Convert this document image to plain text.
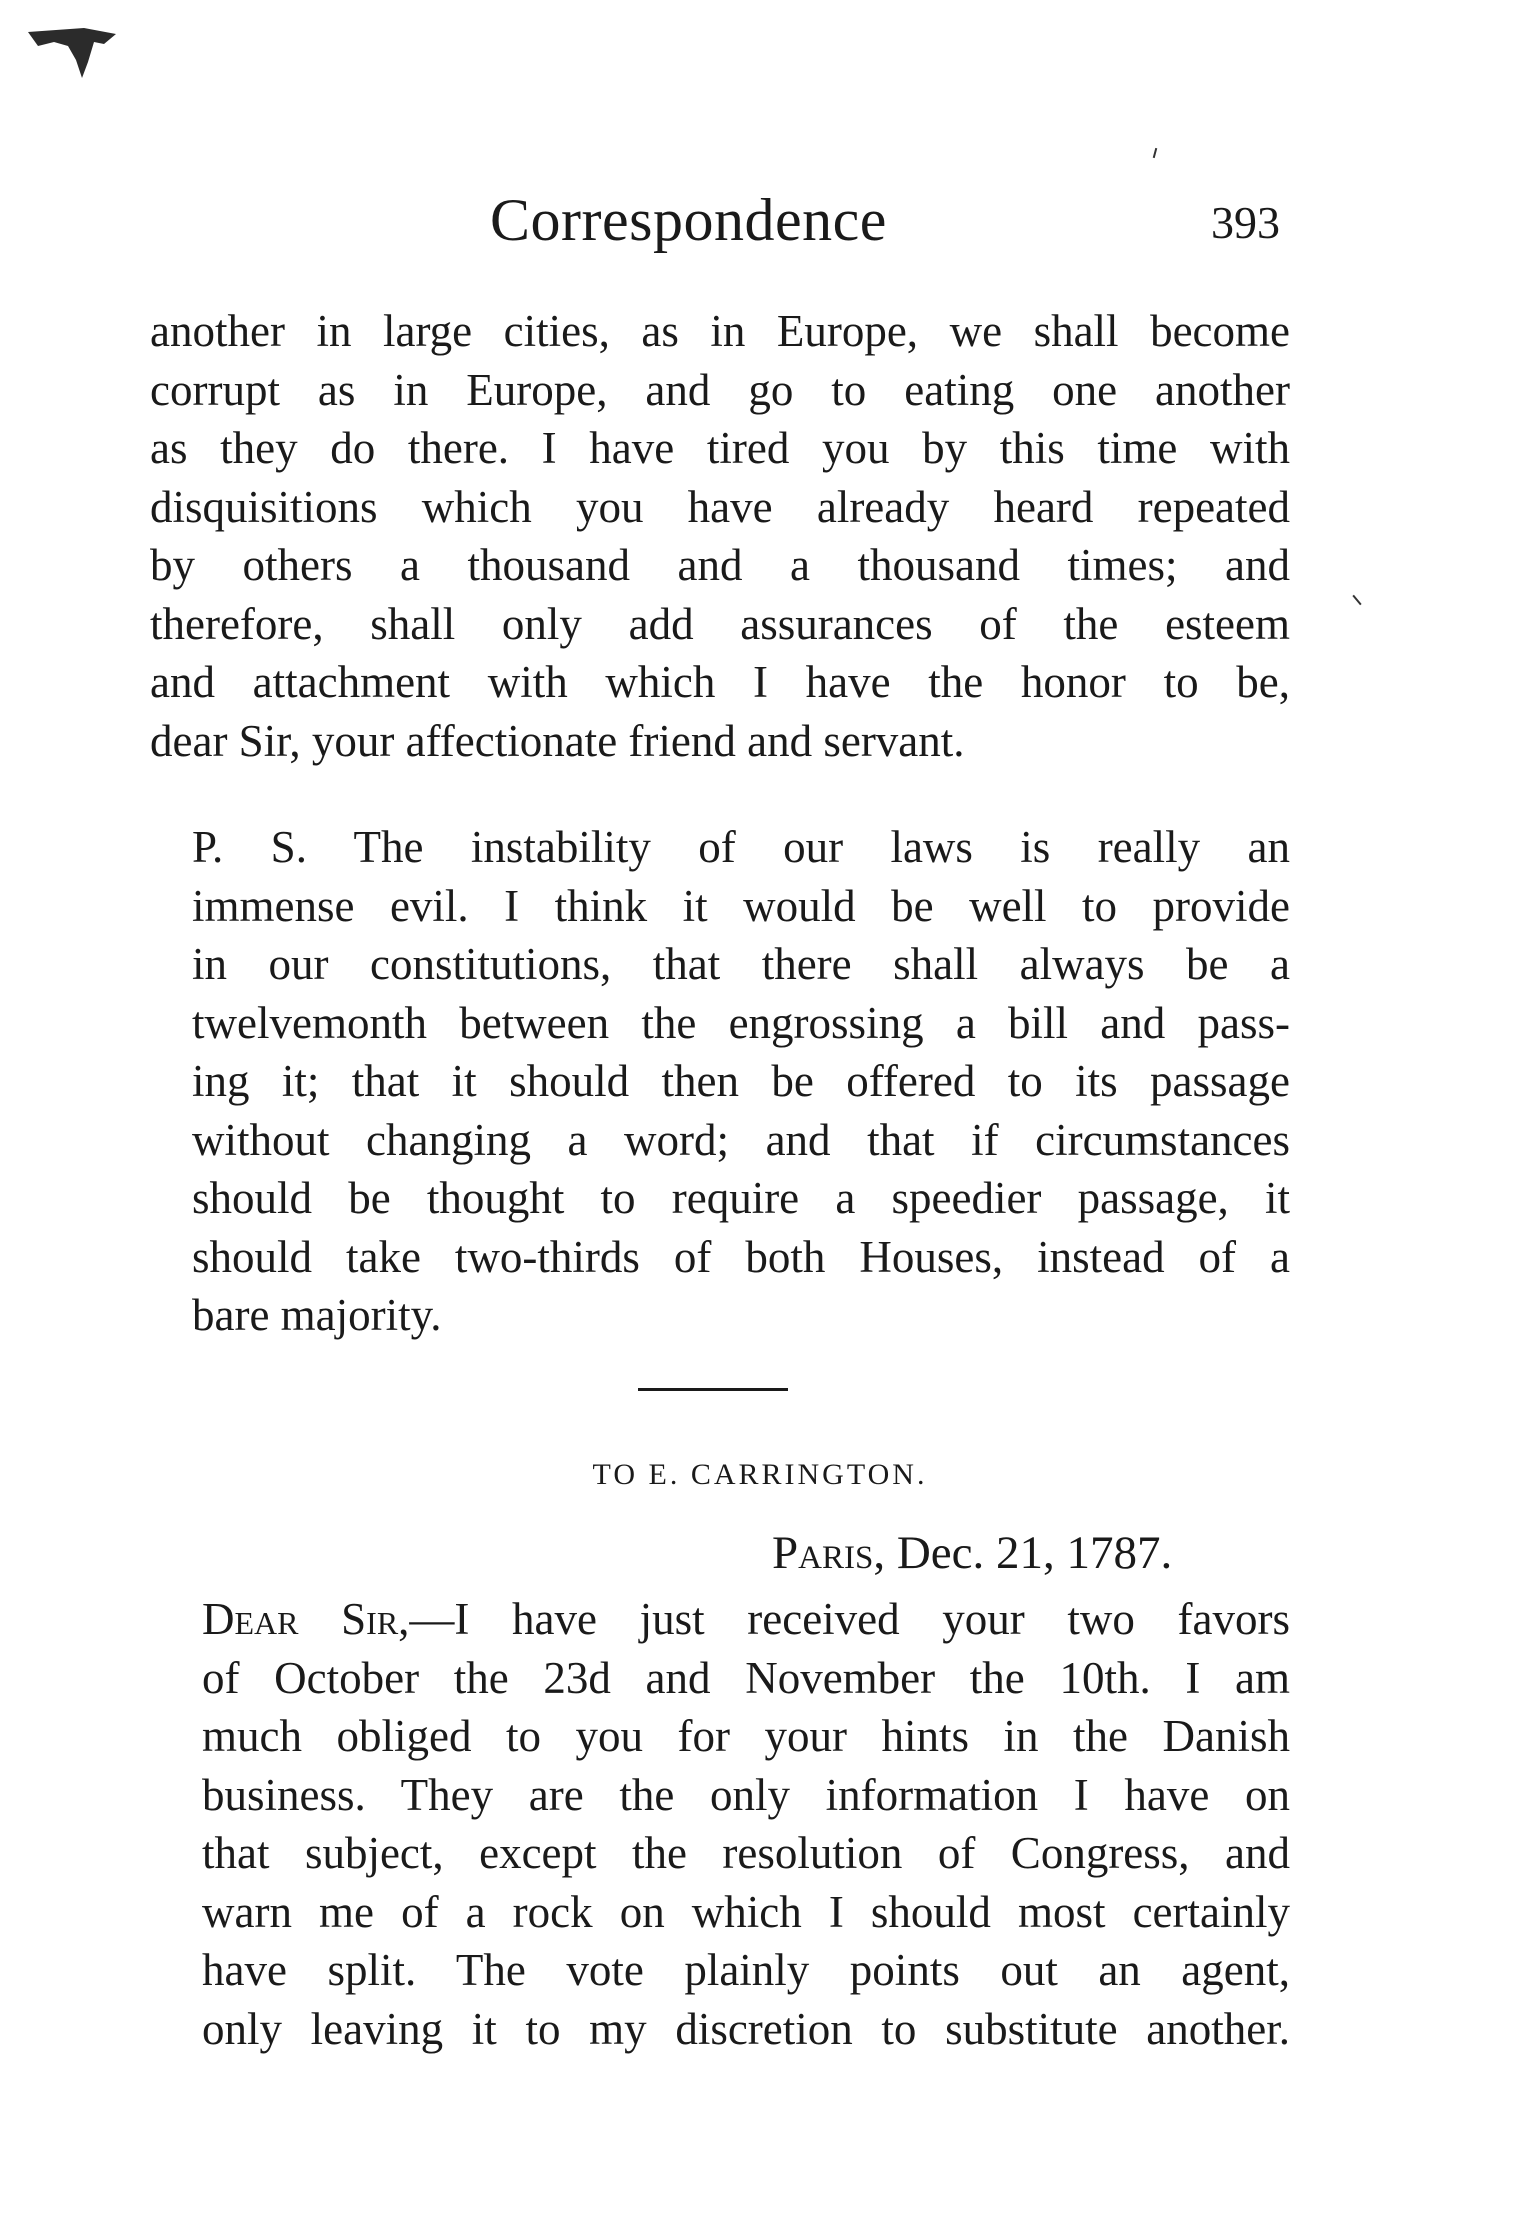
Correspondence	393
another in large cities, as in Europe, we shall become
corrupt as in Europe, and go to eating one another
as they do there. I have tired you by this time with
disquisitions which you have already heard repeated
by others a thousand and a thousand times; and
therefore, shall only add assurances of the esteem
and attachment with which I have the honor to be,
dear Sir, your affectionate friend and servant.
P. S. The instability of our laws is really an
immense evil. I think it would be well to provide
in our constitutions, that there shall always be a
twelvemonth between the engrossing a bill and pass-
ing it; that it should then be offered to its passage
without changing a word; and that if circumstances
should be thought to require a speedier passage, it
should take two-thirds of both Houses, instead of a
bare majority.
TO E. CARRINGTON.
Paris, Dec. 21, 1787.
Dear Sir,—I have just received your two favors
of October the 23d and November the 10th. I am
much obliged to you for your hints in the Danish
business. They are the only information I have on
that subject, except the resolution of Congress, and
warn me of a rock on which I should most certainly
have split. The vote plainly points out an agent,
only leaving it to my discretion to substitute another.
